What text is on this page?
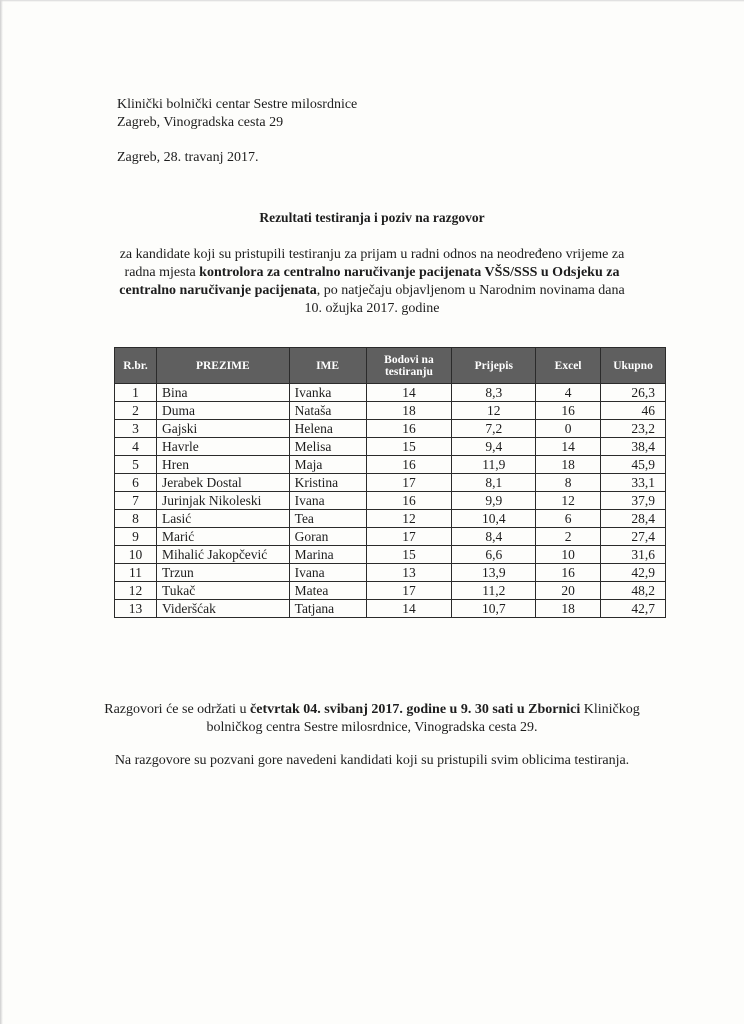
Klinički bolnički centar Sestre milosrdnice
Zagreb, Vinogradska cesta 29
Zagreb, 28. travanj 2017.
Rezultati testiranja i poziv na razgovor
za kandidate koji su pristupili testiranju za prijam u radni odnos na neodređeno vrijeme za radna mjesta kontrolora za centralno naručivanje pacijenata VŠS/SSS u Odsjeku za centralno naručivanje pacijenata, po natječaju objavljenom u Narodnim novinama dana 10. ožujka 2017. godine
R.br.	PREZIME	IME	Bodovi na testiranju	Prijepis	Excel	Ukupno
1	Bina	Ivanka	14	8,3	4	26,3
2	Duma	Nataša	18	12	16	46
3	Gajski	Helena	16	7,2	0	23,2
4	Havrle	Melisa	15	9,4	14	38,4
5	Hren	Maja	16	11,9	18	45,9
6	Jerabek Dostal	Kristina	17	8,1	8	33,1
7	Jurinjak Nikoleski	Ivana	16	9,9	12	37,9
8	Lasić	Tea	12	10,4	6	28,4
9	Marić	Goran	17	8,4	2	27,4
10	Mihalić Jakopčević	Marina	15	6,6	10	31,6
11	Trzun	Ivana	13	13,9	16	42,9
12	Tukač	Matea	17	11,2	20	48,2
13	Videršćak	Tatjana	14	10,7	18	42,7
Razgovori će se održati u četvrtak 04. svibanj 2017. godine u 9. 30 sati u Zbornici Kliničkog bolničkog centra Sestre milosrdnice, Vinogradska cesta 29.
Na razgovore su pozvani gore navedeni kandidati koji su pristupili svim oblicima testiranja.
